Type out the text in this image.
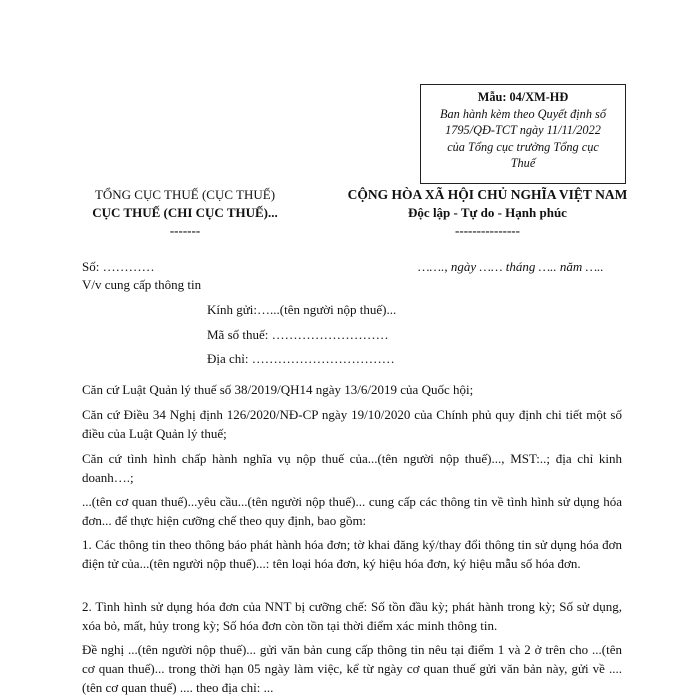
Mẫu: 04/XM-HĐ
Ban hành kèm theo Quyết định số
1795/QĐ-TCT ngày 11/11/2022
của Tổng cục trưởng Tổng cục
Thuế
TỔNG CỤC THUẾ (CỤC THUẾ)
CỤC THUẾ (CHI CỤC THUẾ)...
-------
CỘNG HÒA XÃ HỘI CHỦ NGHĨA VIỆT NAM
Độc lập - Tự do - Hạnh phúc
---------------
Số: …………	……., ngày …… tháng ….. năm …..
V/v cung cấp thông tin
Kính gửi:…...(tên người nộp thuế)...
Mã số thuế: ………………………
Địa chỉ: ……………………………
Căn cứ Luật Quản lý thuế số 38/2019/QH14 ngày 13/6/2019 của Quốc hội;
Căn cứ Điều 34 Nghị định 126/2020/NĐ-CP ngày 19/10/2020 của Chính phủ quy định chi tiết một số điều của Luật Quản lý thuế;
Căn cứ tình hình chấp hành nghĩa vụ nộp thuế của...(tên người nộp thuế)..., MST:..; địa chỉ kinh doanh….;
...(tên cơ quan thuế)...yêu cầu...(tên người nộp thuế)... cung cấp các thông tin về tình hình sử dụng hóa đơn... để thực hiện cưỡng chế theo quy định, bao gồm:
1. Các thông tin theo thông báo phát hành hóa đơn; tờ khai đăng ký/thay đổi thông tin sử dụng hóa đơn điện tử của...(tên người nộp thuế)...: tên loại hóa đơn, ký hiệu hóa đơn, ký hiệu mẫu số hóa đơn.
2. Tình hình sử dụng hóa đơn của NNT bị cưỡng chế: Số tồn đầu kỳ; phát hành trong kỳ; Số sử dụng, xóa bỏ, mất, hủy trong kỳ; Số hóa đơn còn tồn tại thời điểm xác minh thông tin.
Đề nghị ...(tên người nộp thuế)... gửi văn bản cung cấp thông tin nêu tại điểm 1 và 2 ở trên cho ...(tên cơ quan thuế)... trong thời hạn 05 ngày làm việc, kể từ ngày cơ quan thuế gửi văn bản này, gửi về ....(tên cơ quan thuế) .... theo địa chỉ: ...
